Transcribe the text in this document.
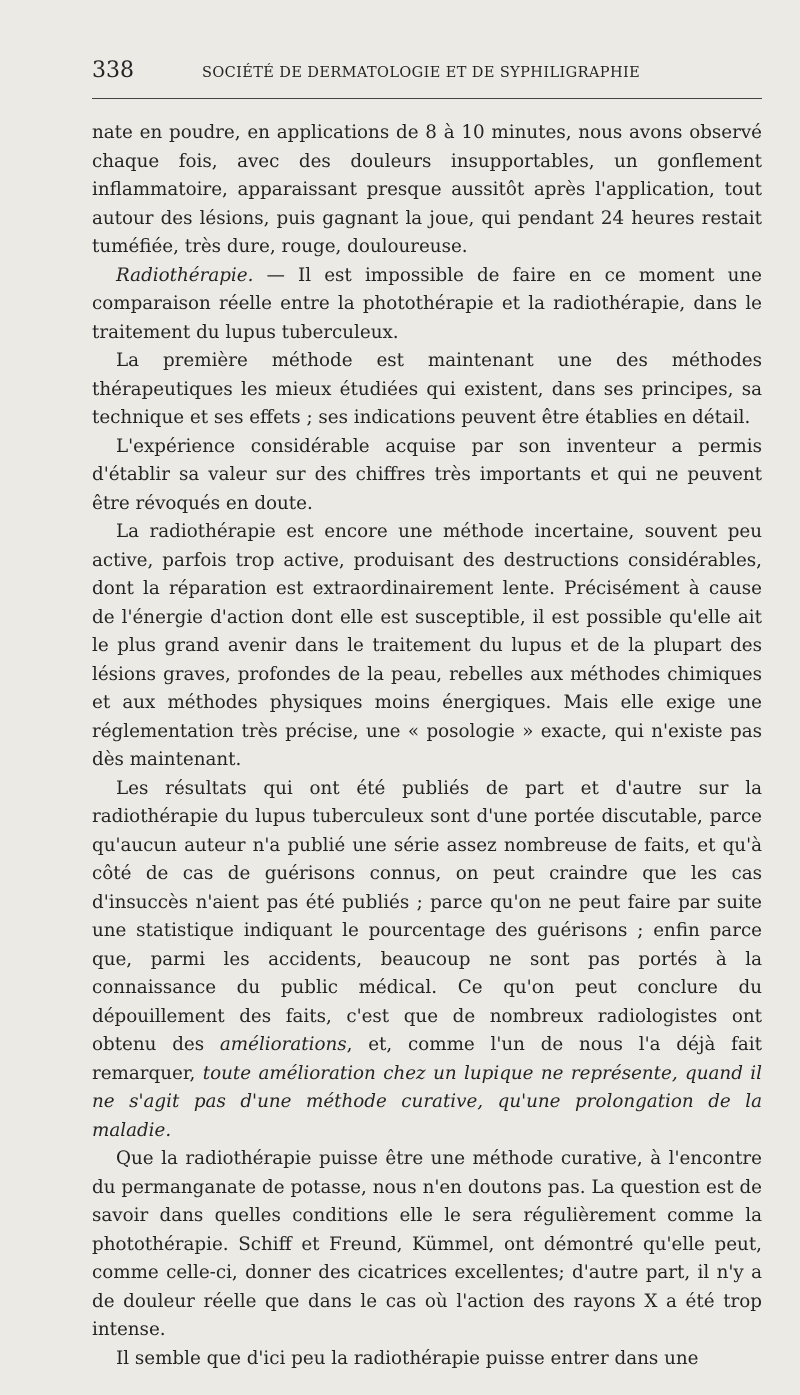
338	SOCIÉTÉ DE DERMATOLOGIE ET DE SYPHILIGRAPHIE

nate en poudre, en applications de 8 à 10 minutes, nous avons observé chaque fois, avec des douleurs insupportables, un gonflement inflammatoire, apparaissant presque aussitôt après l'application, tout autour des lésions, puis gagnant la joue, qui pendant 24 heures restait tuméfiée, très dure, rouge, douloureuse.

Radiothérapie. — Il est impossible de faire en ce moment une comparaison réelle entre la photothérapie et la radiothérapie, dans le traitement du lupus tuberculeux.

La première méthode est maintenant une des méthodes thérapeutiques les mieux étudiées qui existent, dans ses principes, sa technique et ses effets ; ses indications peuvent être établies en détail.

L'expérience considérable acquise par son inventeur a permis d'établir sa valeur sur des chiffres très importants et qui ne peuvent être révoqués en doute.

La radiothérapie est encore une méthode incertaine, souvent peu active, parfois trop active, produisant des destructions considérables, dont la réparation est extraordinairement lente. Précisément à cause de l'énergie d'action dont elle est susceptible, il est possible qu'elle ait le plus grand avenir dans le traitement du lupus et de la plupart des lésions graves, profondes de la peau, rebelles aux méthodes chimiques et aux méthodes physiques moins énergiques. Mais elle exige une réglementation très précise, une « posologie » exacte, qui n'existe pas dès maintenant.

Les résultats qui ont été publiés de part et d'autre sur la radiothérapie du lupus tuberculeux sont d'une portée discutable, parce qu'aucun auteur n'a publié une série assez nombreuse de faits, et qu'à côté de cas de guérisons connus, on peut craindre que les cas d'insuccès n'aient pas été publiés ; parce qu'on ne peut faire par suite une statistique indiquant le pourcentage des guérisons ; enfin parce que, parmi les accidents, beaucoup ne sont pas portés à la connaissance du public médical. Ce qu'on peut conclure du dépouillement des faits, c'est que de nombreux radiologistes ont obtenu des améliorations, et, comme l'un de nous l'a déjà fait remarquer, toute amélioration chez un lupique ne représente, quand il ne s'agit pas d'une méthode curative, qu'une prolongation de la maladie.

Que la radiothérapie puisse être une méthode curative, à l'encontre du permanganate de potasse, nous n'en doutons pas. La question est de savoir dans quelles conditions elle le sera régulièrement comme la photothérapie. Schiff et Freund, Kümmel, ont démontré qu'elle peut, comme celle-ci, donner des cicatrices excellentes; d'autre part, il n'y a de douleur réelle que dans le cas où l'action des rayons X a été trop intense.

Il semble que d'ici peu la radiothérapie puisse entrer dans une
